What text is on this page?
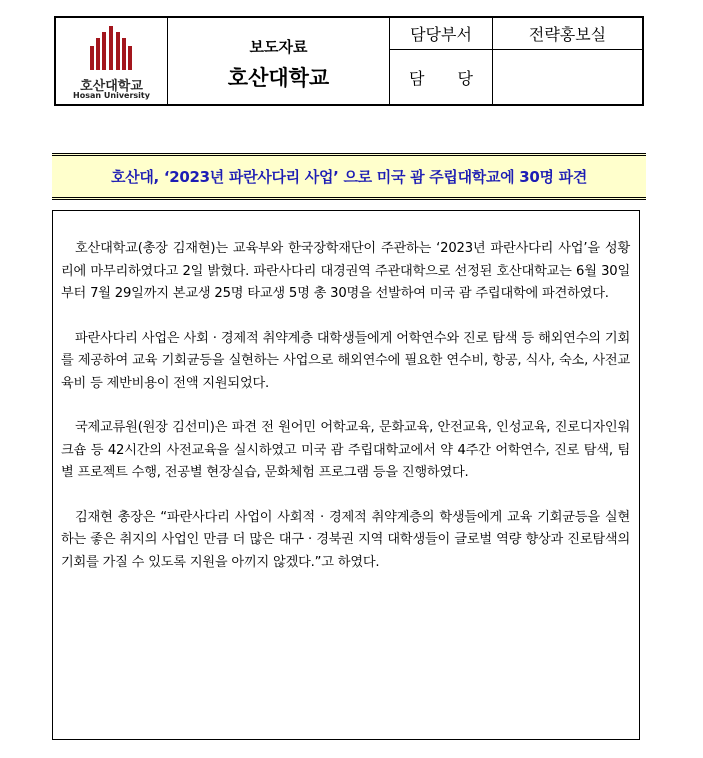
호산대학교
Hosan University
보도자료
호산대학교
담당부서	전략홍보실
담 당
호산대, ‘2023년 파란사다리 사업’ 으로 미국 괌 주립대학교에 30명 파견

호산대학교(총장 김재현)는 교육부와 한국장학재단이 주관하는 ‘2023년 파란사다리 사업’을 성황리에 마무리하였다고 2일 밝혔다. 파란사다리 대경권역 주관대학으로 선정된 호산대학교는 6월 30일부터 7월 29일까지 본교생 25명 타교생 5명 총 30명을 선발하여 미국 괌 주립대학에 파견하였다.

파란사다리 사업은 사회 · 경제적 취약계층 대학생들에게 어학연수와 진로 탐색 등 해외연수의 기회를 제공하여 교육 기회균등을 실현하는 사업으로 해외연수에 필요한 연수비, 항공, 식사, 숙소, 사전교육비 등 제반비용이 전액 지원되었다.

국제교류원(원장 김선미)은 파견 전 원어민 어학교육, 문화교육, 안전교육, 인성교육, 진로디자인워크숍 등 42시간의 사전교육을 실시하였고 미국 괌 주립대학교에서 약 4주간 어학연수, 진로 탐색, 팀별 프로젝트 수행, 전공별 현장실습, 문화체험 프로그램 등을 진행하였다.

김재현 총장은 “파란사다리 사업이 사회적 · 경제적 취약계층의 학생들에게 교육 기회균등을 실현하는 좋은 취지의 사업인 만큼 더 많은 대구 · 경북권 지역 대학생들이 글로벌 역량 향상과 진로탐색의 기회를 가질 수 있도록 지원을 아끼지 않겠다.”고 하였다.
